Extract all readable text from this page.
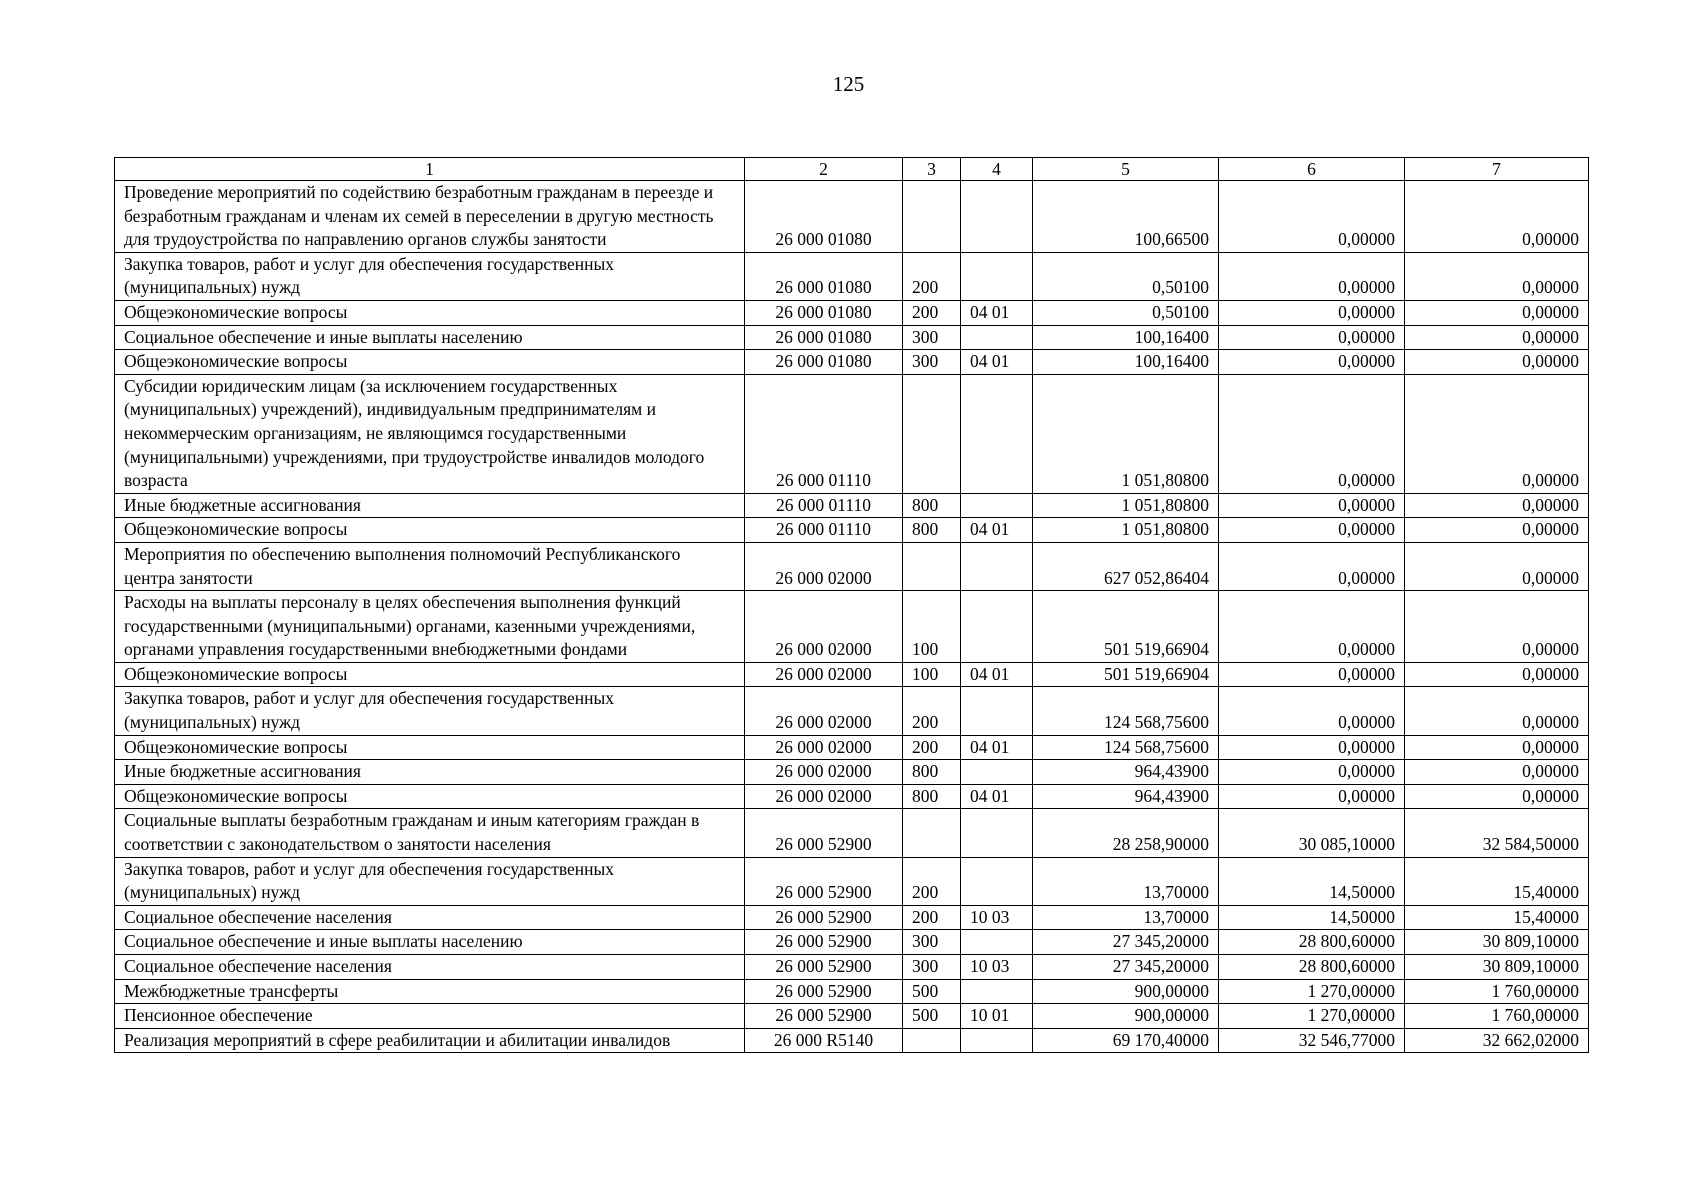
125
1	2	3	4	5	6	7
Проведение мероприятий по содействию безработным гражданам в переезде и безработным гражданам и членам их семей в переселении в другую местность для трудоустройства по направлению органов службы занятости	26 000 01080			100,66500	0,00000	0,00000
Закупка товаров, работ и услуг для обеспечения государственных (муниципальных) нужд	26 000 01080	200		0,50100	0,00000	0,00000
Общеэкономические вопросы	26 000 01080	200	04 01	0,50100	0,00000	0,00000
Социальное обеспечение и иные выплаты населению	26 000 01080	300		100,16400	0,00000	0,00000
Общеэкономические вопросы	26 000 01080	300	04 01	100,16400	0,00000	0,00000
Субсидии юридическим лицам (за исключением государственных (муниципальных) учреждений), индивидуальным предпринимателям и некоммерческим организациям, не являющимся государственными (муниципальными) учреждениями, при трудоустройстве инвалидов молодого возраста	26 000 01110			1 051,80800	0,00000	0,00000
Иные бюджетные ассигнования	26 000 01110	800		1 051,80800	0,00000	0,00000
Общеэкономические вопросы	26 000 01110	800	04 01	1 051,80800	0,00000	0,00000
Мероприятия по обеспечению выполнения полномочий Республиканского центра занятости	26 000 02000			627 052,86404	0,00000	0,00000
Расходы на выплаты персоналу в целях обеспечения выполнения функций государственными (муниципальными) органами, казенными учреждениями, органами управления государственными внебюджетными фондами	26 000 02000	100		501 519,66904	0,00000	0,00000
Общеэкономические вопросы	26 000 02000	100	04 01	501 519,66904	0,00000	0,00000
Закупка товаров, работ и услуг для обеспечения государственных (муниципальных) нужд	26 000 02000	200		124 568,75600	0,00000	0,00000
Общеэкономические вопросы	26 000 02000	200	04 01	124 568,75600	0,00000	0,00000
Иные бюджетные ассигнования	26 000 02000	800		964,43900	0,00000	0,00000
Общеэкономические вопросы	26 000 02000	800	04 01	964,43900	0,00000	0,00000
Социальные выплаты безработным гражданам и иным категориям граждан в соответствии с законодательством о занятости населения	26 000 52900			28 258,90000	30 085,10000	32 584,50000
Закупка товаров, работ и услуг для обеспечения государственных (муниципальных) нужд	26 000 52900	200		13,70000	14,50000	15,40000
Социальное обеспечение населения	26 000 52900	200	10 03	13,70000	14,50000	15,40000
Социальное обеспечение и иные выплаты населению	26 000 52900	300		27 345,20000	28 800,60000	30 809,10000
Социальное обеспечение населения	26 000 52900	300	10 03	27 345,20000	28 800,60000	30 809,10000
Межбюджетные трансферты	26 000 52900	500		900,00000	1 270,00000	1 760,00000
Пенсионное обеспечение	26 000 52900	500	10 01	900,00000	1 270,00000	1 760,00000
Реализация мероприятий в сфере реабилитации и абилитации инвалидов	26 000 R5140			69 170,40000	32 546,77000	32 662,02000
